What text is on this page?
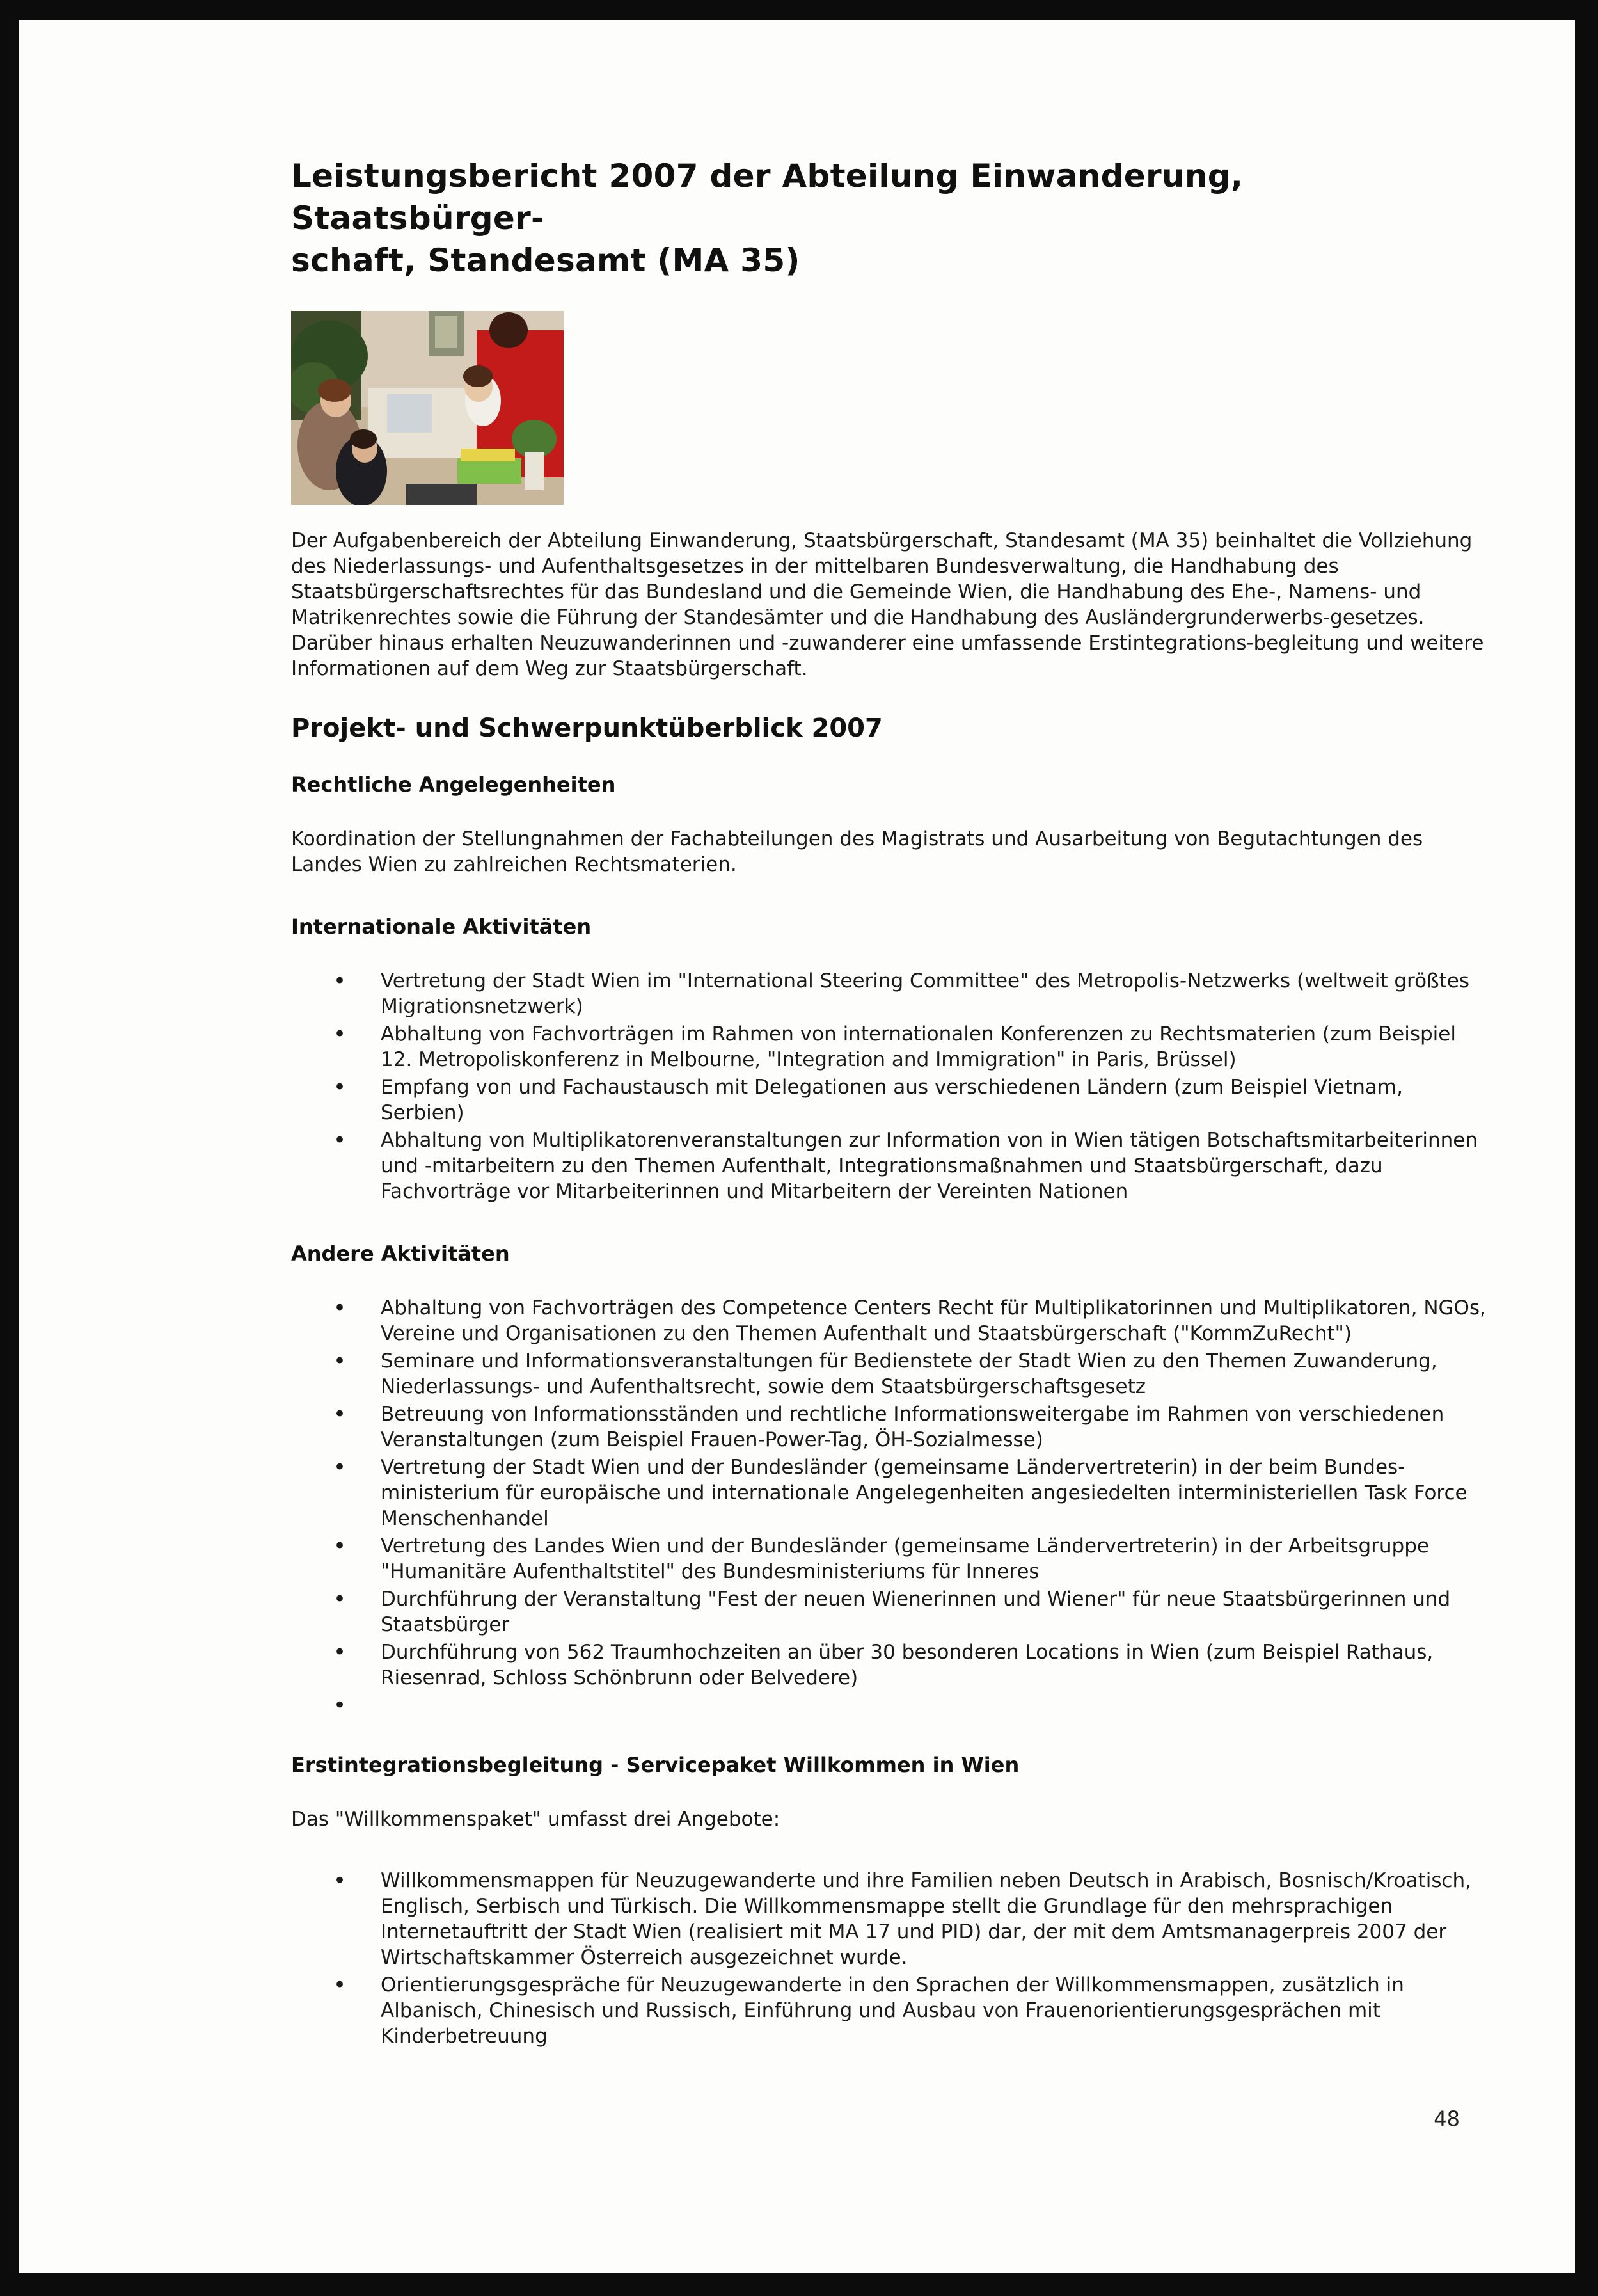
Leistungsbericht 2007 der Abteilung Einwanderung, Staatsbürger-
schaft, Standesamt (MA 35)

Der Aufgabenbereich der Abteilung Einwanderung, Staatsbürgerschaft, Standesamt (MA 35) beinhaltet die Vollziehung des Niederlassungs- und Aufenthaltsgesetzes in der mittelbaren Bundesverwaltung, die Handhabung des Staatsbürgerschaftsrechtes für das Bundesland und die Gemeinde Wien, die Handhabung des Ehe-, Namens- und Matrikenrechtes sowie die Führung der Standesämter und die Handhabung des Ausländergrunderwerbs-gesetzes. Darüber hinaus erhalten Neuzuwanderinnen und -zuwanderer eine umfassende Erstintegrations-begleitung und weitere Informationen auf dem Weg zur Staatsbürgerschaft.

Projekt- und Schwerpunktüberblick 2007
Rechtliche Angelegenheiten

Koordination der Stellungnahmen der Fachabteilungen des Magistrats und Ausarbeitung von Begutachtungen des Landes Wien zu zahlreichen Rechtsmaterien.

Internationale Aktivitäten
• Vertretung der Stadt Wien im "International Steering Committee" des Metropolis-Netzwerks (weltweit größtes Migrationsnetzwerk)
• Abhaltung von Fachvorträgen im Rahmen von internationalen Konferenzen zu Rechtsmaterien (zum Beispiel 12. Metropoliskonferenz in Melbourne, "Integration and Immigration" in Paris, Brüssel)
• Empfang von und Fachaustausch mit Delegationen aus verschiedenen Ländern (zum Beispiel Vietnam, Serbien)
• Abhaltung von Multiplikatorenveranstaltungen zur Information von in Wien tätigen Botschaftsmitarbeiterinnen und -mitarbeitern zu den Themen Aufenthalt, Integrationsmaßnahmen und Staatsbürgerschaft, dazu Fachvorträge vor Mitarbeiterinnen und Mitarbeitern der Vereinten Nationen
Andere Aktivitäten
• Abhaltung von Fachvorträgen des Competence Centers Recht für Multiplikatorinnen und Multiplikatoren, NGOs, Vereine und Organisationen zu den Themen Aufenthalt und Staatsbürgerschaft ("KommZuRecht")
• Seminare und Informationsveranstaltungen für Bedienstete der Stadt Wien zu den Themen Zuwanderung, Niederlassungs- und Aufenthaltsrecht, sowie dem Staatsbürgerschaftsgesetz
• Betreuung von Informationsständen und rechtliche Informationsweitergabe im Rahmen von verschiedenen Veranstaltungen (zum Beispiel Frauen-Power-Tag, ÖH-Sozialmesse)
• Vertretung der Stadt Wien und der Bundesländer (gemeinsame Ländervertreterin) in der beim Bundes-ministerium für europäische und internationale Angelegenheiten angesiedelten interministeriellen Task Force Menschenhandel
• Vertretung des Landes Wien und der Bundesländer (gemeinsame Ländervertreterin) in der Arbeitsgruppe "Humanitäre Aufenthaltstitel" des Bundesministeriums für Inneres
• Durchführung der Veranstaltung "Fest der neuen Wienerinnen und Wiener" für neue Staatsbürgerinnen und Staatsbürger
• Durchführung von 562 Traumhochzeiten an über 30 besonderen Locations in Wien (zum Beispiel Rathaus, Riesenrad, Schloss Schönbrunn oder Belvedere)
•
Erstintegrationsbegleitung - Servicepaket Willkommen in Wien

Das "Willkommenspaket" umfasst drei Angebote:

• Willkommensmappen für Neuzugewanderte und ihre Familien neben Deutsch in Arabisch, Bosnisch/Kroatisch, Englisch, Serbisch und Türkisch. Die Willkommensmappe stellt die Grundlage für den mehrsprachigen Internetauftritt der Stadt Wien (realisiert mit MA 17 und PID) dar, der mit dem Amtsmanagerpreis 2007 der Wirtschaftskammer Österreich ausgezeichnet wurde.
• Orientierungsgespräche für Neuzugewanderte in den Sprachen der Willkommensmappen, zusätzlich in Albanisch, Chinesisch und Russisch, Einführung und Ausbau von Frauenorientierungsgesprächen mit Kinderbetreuung
48
